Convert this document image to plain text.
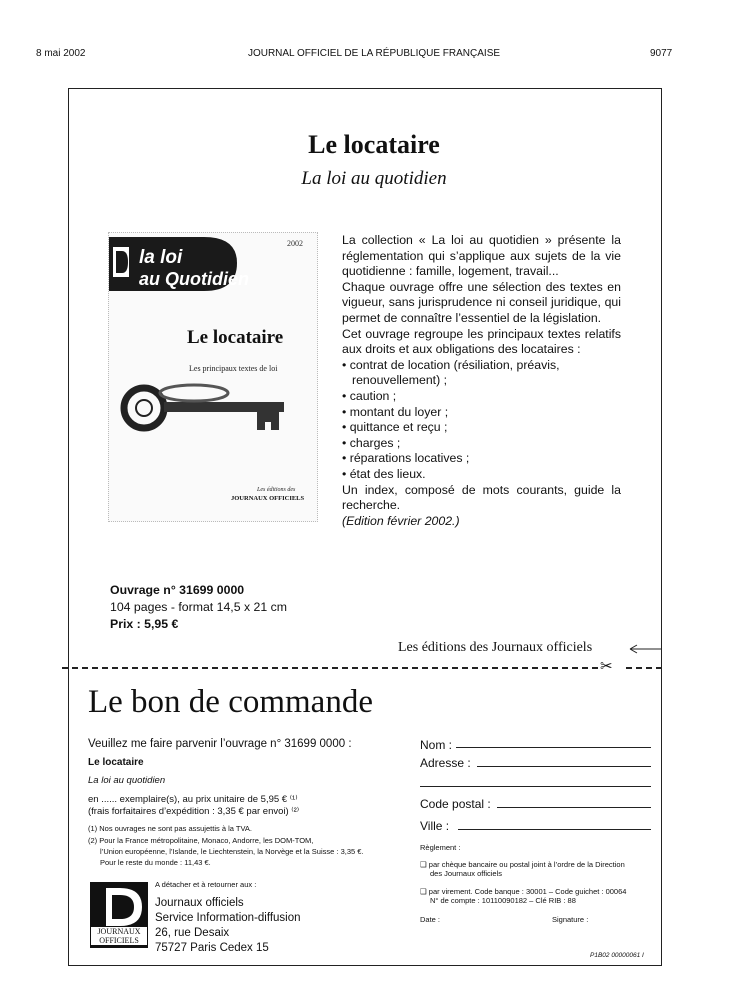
8 mai 2002	JOURNAL OFFICIEL DE LA RÉPUBLIQUE FRANÇAISE	9077
Le locataire
La loi au quotidien
la loi
au Quotidien
2002
Le locataire
Les principaux textes de loi
Les éditions des
JOURNAUX OFFICIELS

La collection « La loi au quotidien » présente la réglementation qui s’applique aux sujets de la vie quotidienne : famille, logement, travail...

Chaque ouvrage offre une sélection des textes en vigueur, sans jurisprudence ni conseil juridique, qui permet de connaître l’essentiel de la législation.

Cet ouvrage regroupe les principaux textes relatifs aux droits et aux obligations des locataires :

• contrat de location (résiliation, préavis, renouvellement) ;
• caution ;
• montant du loyer ;
• quittance et reçu ;
• charges ;
• réparations locatives ;
• état des lieux.

Un index, composé de mots courants, guide la recherche.

(Edition février 2002.)

Ouvrage n° 31699 0000
104 pages - format 14,5 x 21 cm
Prix : 5,95 €
Les éditions des Journaux officiels
✂
Le bon de commande
Veuillez me faire parvenir l’ouvrage n° 31699 0000 :
Le locataire
La loi au quotidien
en ...... exemplaire(s), au prix unitaire de 5,95 € ⁽¹⁾
(frais forfaitaires d’expédition : 3,35 € par envoi) ⁽²⁾
(1) Nos ouvrages ne sont pas assujettis à la TVA.
(2) Pour la France métropolitaine, Monaco, Andorre, les DOM-TOM,
l’Union européenne, l’Islande, le Liechtenstein, la Norvège et la Suisse : 3,35 €.
Pour le reste du monde : 11,43 €.
JOURNAUX
OFFICIELS
A détacher et à retourner aux :
Journaux officiels
Service Information-diffusion
26, rue Desaix
75727 Paris Cedex 15
Nom :
Adresse :
Code postal :
Ville :
Règlement :
❑ par chèque bancaire ou postal joint à l’ordre de la Direction
des Journaux officiels
❑ par virement. Code banque : 30001 – Code guichet : 00064
N° de compte : 10110090182 – Clé RIB : 88
Date :	Signature :
P1B02 00000061 I
